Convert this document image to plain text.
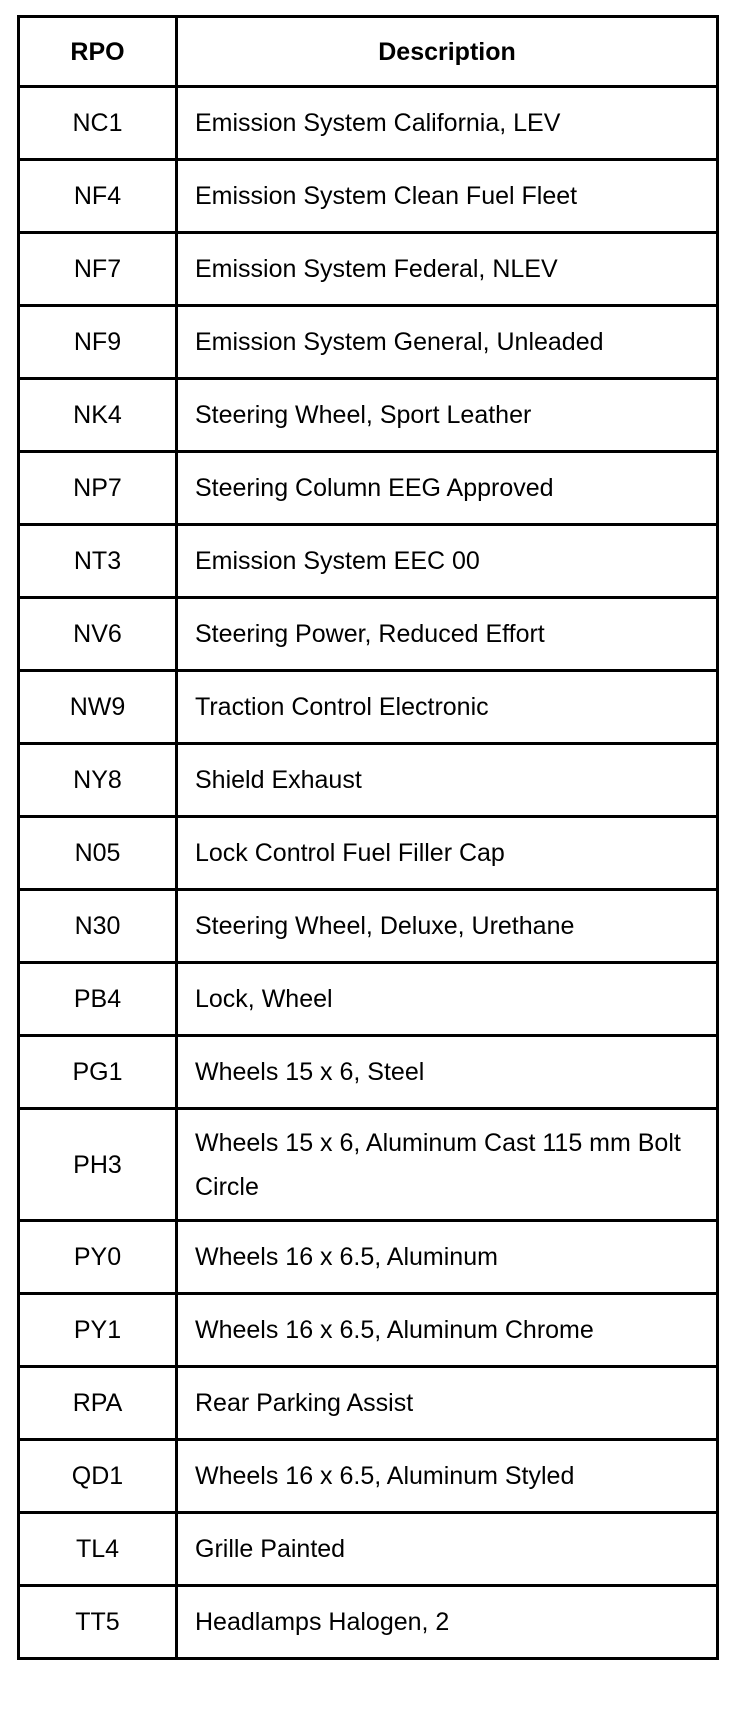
RPO	Description
NC1	Emission System California, LEV
NF4	Emission System Clean Fuel Fleet
NF7	Emission System Federal, NLEV
NF9	Emission System General, Unleaded
NK4	Steering Wheel, Sport Leather
NP7	Steering Column EEG Approved
NT3	Emission System EEC 00
NV6	Steering Power, Reduced Effort
NW9	Traction Control Electronic
NY8	Shield Exhaust
N05	Lock Control Fuel Filler Cap
N30	Steering Wheel, Deluxe, Urethane
PB4	Lock, Wheel
PG1	Wheels 15 x 6, Steel
PH3	Wheels 15 x 6, Aluminum Cast 115 mm Bolt Circle
PY0	Wheels 16 x 6.5, Aluminum
PY1	Wheels 16 x 6.5, Aluminum Chrome
RPA	Rear Parking Assist
QD1	Wheels 16 x 6.5, Aluminum Styled
TL4	Grille Painted
TT5	Headlamps Halogen, 2
